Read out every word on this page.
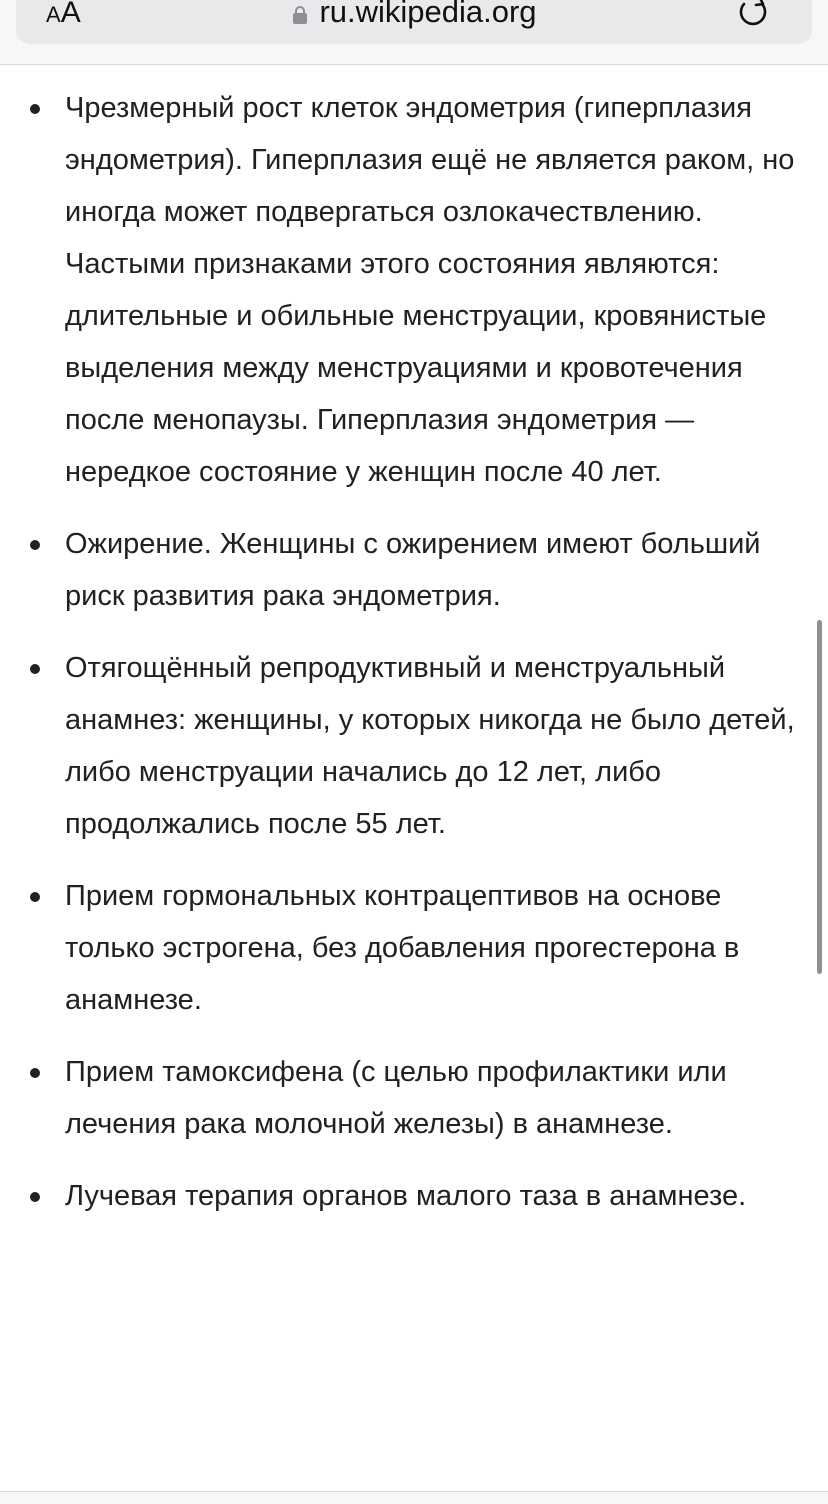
AA	ru.wikipedia.org
Чрезмерный рост клеток эндометрия (гиперплазия эндометрия). Гиперплазия ещё не является раком, но иногда может подвергаться озлокачествлению. Частыми признаками этого состояния являются: длительные и обильные менструации, кровянистые выделения между менструациями и кровотечения после менопаузы. Гиперплазия эндометрия — нередкое состояние у женщин после 40 лет.
Ожирение. Женщины с ожирением имеют больший риск развития рака эндометрия.
Отягощённый репродуктивный и менструальный анамнез: женщины, у которых никогда не было детей, либо менструации начались до 12 лет, либо продолжались после 55 лет.
Прием гормональных контрацептивов на основе только эстрогена, без добавления прогестерона в анамнезе.
Прием тамоксифена (с целью профилактики или лечения рака молочной железы) в анамнезе.
Лучевая терапия органов малого таза в анамнезе.
